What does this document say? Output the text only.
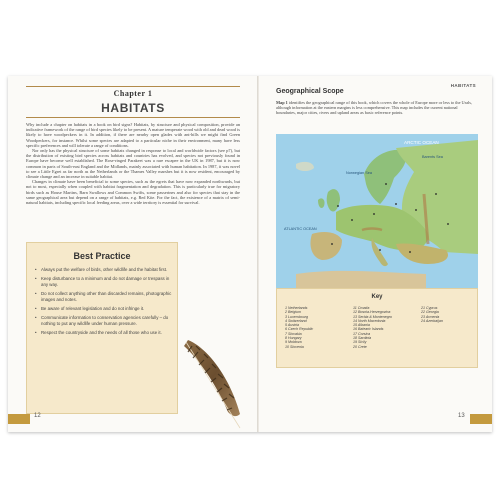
Chapter 1
HABITATS

Why include a chapter on habitats in a book on bird signs? Habitats, by structure and physical composition, provide an indicative framework of the range of bird species likely to be present. A mature temperate wood with old and dead wood is likely to have woodpeckers in it. In addition, if there are nearby open glades with ant-hills we might find Green Woodpeckers, for instance. Whilst some species are adapted to a particular niche in their environment, many have less specific preferences and will tolerate a range of conditions.

Nor only has the physical structure of some habitats changed in response to local and worldwide factors (see p7), but the distribution of existing bird species across habitats and countries has evolved, and species not previously found in Europe have become well established. The Rose-ringed Parakeet was a rare escapee in the UK in 1987, but it is now common in parts of South-east England and the Midlands, mainly associated with human habitation. In 1987, it was novel to see a Little Egret as far north as the Netherlands or the Thames Valley marshes but it is now resident, encouraged by climate change and an increase in suitable habitat.

Changes in climate have been beneficial to some species, such as the egrets that have now expanded northwards, but not to most, especially when coupled with habitat fragmentation and degradation. This is particularly true for migratory birds such as House Martins, Barn Swallows and Common Swifts, some passerines and also for species that stay in the same geographical area but depend on a range of habitats, e.g. Red Kite. For the fact, the existence of a matrix of semi-natural habitats, including specific local feeding areas, over a wide territory is essential for survival.

Best Practice
• Always put the welfare of birds, other wildlife and the habitat first.
• Keep disturbance to a minimum and do not damage or trespass in any way.
• Do not collect anything other than discarded remains, photographic images and notes.
• Be aware of relevant legislation and do not infringe it.
• Communicate information to conservation agencies carefully – do nothing to put any wildlife under human pressure.
• Respect the countryside and the needs of all those who use it.
12
HABITATS
Geographical Scope
Map 1 identifies the geographical range of this book, which covers the whole of Europe more or less to the Urals, although information at the eastern margins is less comprehensive. This map includes the current national boundaries, major cities, rivers and upland areas as basic reference points.
ARCTIC OCEAN
Norwegian Sea
Barents Sea
ATLANTIC OCEAN
Key
1 Netherlands
2 Belgium
3 Luxembourg
4 Switzerland
5 Austria
6 Czech Republic
7 Slovakia
8 Hungary
9 Moldova
10 Slovenia
11 Croatia
12 Bosnia-Herzegovina
13 Serbia & Montenegro
14 North Macedonia
15 Albania
16 Balearic Islands
17 Corsica
18 Sardinia
19 Sicily
20 Crete
21 Cyprus
22 Georgia
23 Armenia
24 Azerbaijan
13
